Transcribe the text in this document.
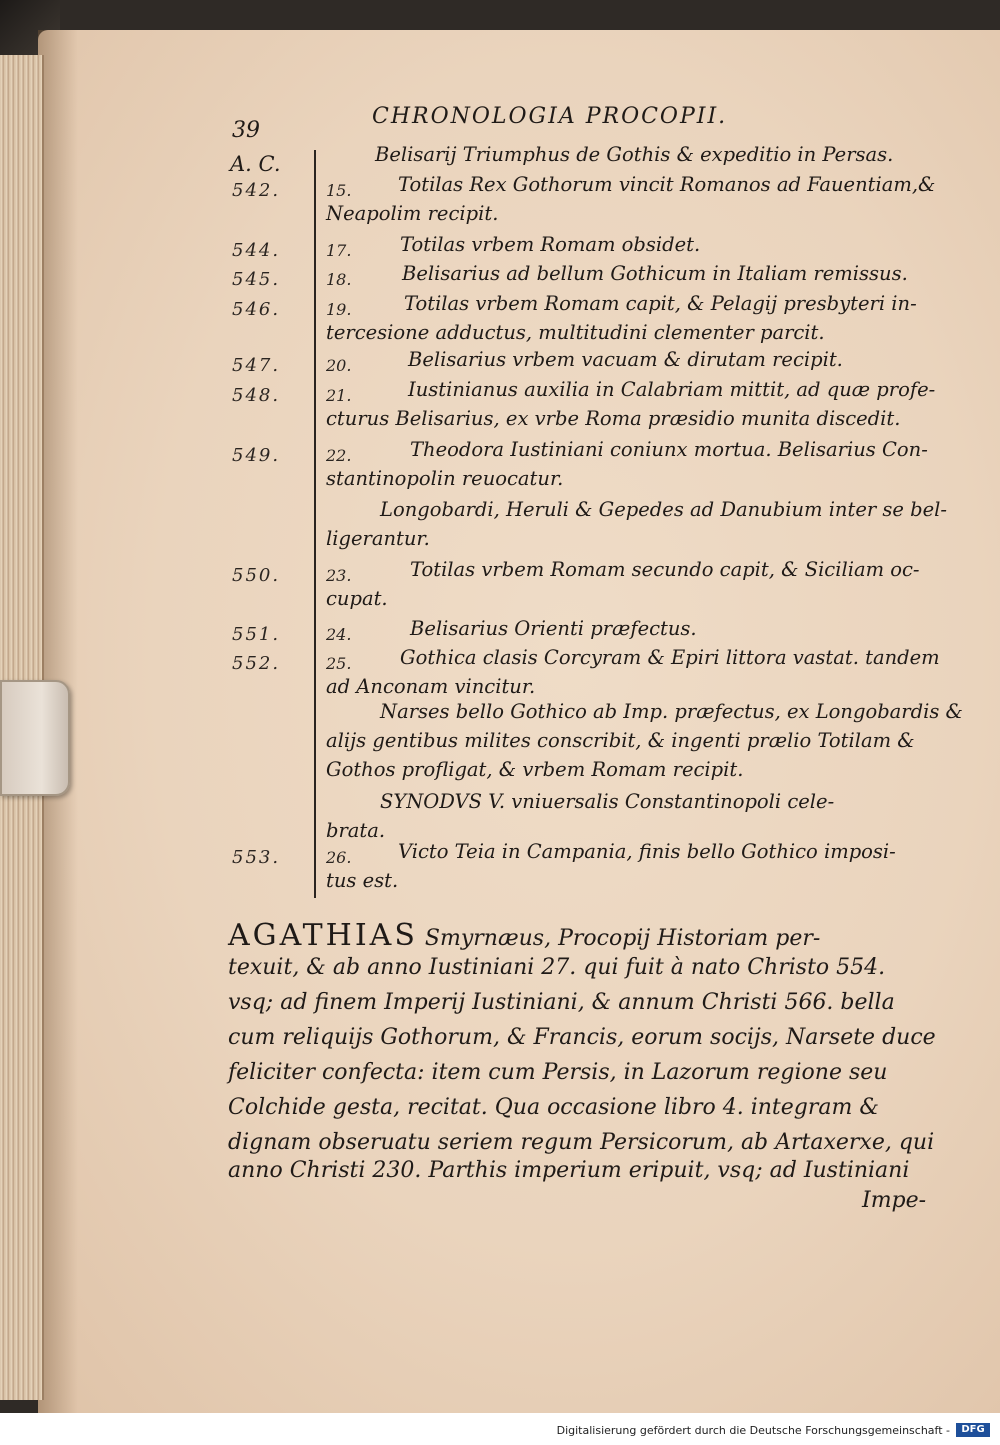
39
CHRONOLOGIA PROCOPII.
A. C.	Belisarij Triumphus de Gothis & expeditio in Persas.
542.	15. Totilas Rex Gothorum vincit Romanos ad Fauentiam,&
Neapolim recipit.
544.	17. Totilas vrbem Romam obsidet.
545.	18.	Belisarius ad bellum Gothicum in Italiam remissus.
546.	19.	Totilas vrbem Romam capit, & Pelagij presbyteri in-
tercesione adductus, multitudini clementer parcit.
547.	20.	Belisarius vrbem vacuam & dirutam recipit.
548.	21.	Iustinianus auxilia in Calabriam mittit, ad quæ profe-
cturus Belisarius, ex vrbe Roma præsidio munita discedit.
549.	22.	Theodora Iustiniani coniunx mortua. Belisarius Con-
stantinopolin reuocatur.
Longobardi, Heruli & Gepedes ad Danubium inter se bel-
ligerantur.
550.	23.	Totilas vrbem Romam secundo capit, & Siciliam oc-
cupat.
551.	24.	Belisarius Orienti præfectus.
552.	25. Gothica clasis Corcyram & Epiri littora vastat. tandem
ad Anconam vincitur.
Narses bello Gothico ab Imp. præfectus, ex Longobardis &
alijs gentibus milites conscribit, & ingenti prælio Totilam &
Gothos profligat, & vrbem Romam recipit.
SYNODVS V. vniuersalis Constantinopoli cele-
brata.
553.	26. Victo Teia in Campania, finis bello Gothico imposi-
tus est.
AGATHIAS Smyrnæus, Procopij Historiam per-
texuit, & ab anno Iustiniani 27. qui fuit à nato Christo 554.
vsq; ad finem Imperij Iustiniani, & annum Christi 566. bella
cum reliquijs Gothorum, & Francis, eorum socijs, Narsete duce
feliciter confecta: item cum Persis, in Lazorum regione seu
Colchide gesta, recitat. Qua occasione libro 4. integram &
dignam obseruatu seriem regum Persicorum, ab Artaxerxe, qui
anno Christi 230. Parthis imperium eripuit, vsq; ad Iustiniani
Impe-
Digitalisierung gefördert durch die Deutsche Forschungsgemeinschaft -	DFG
